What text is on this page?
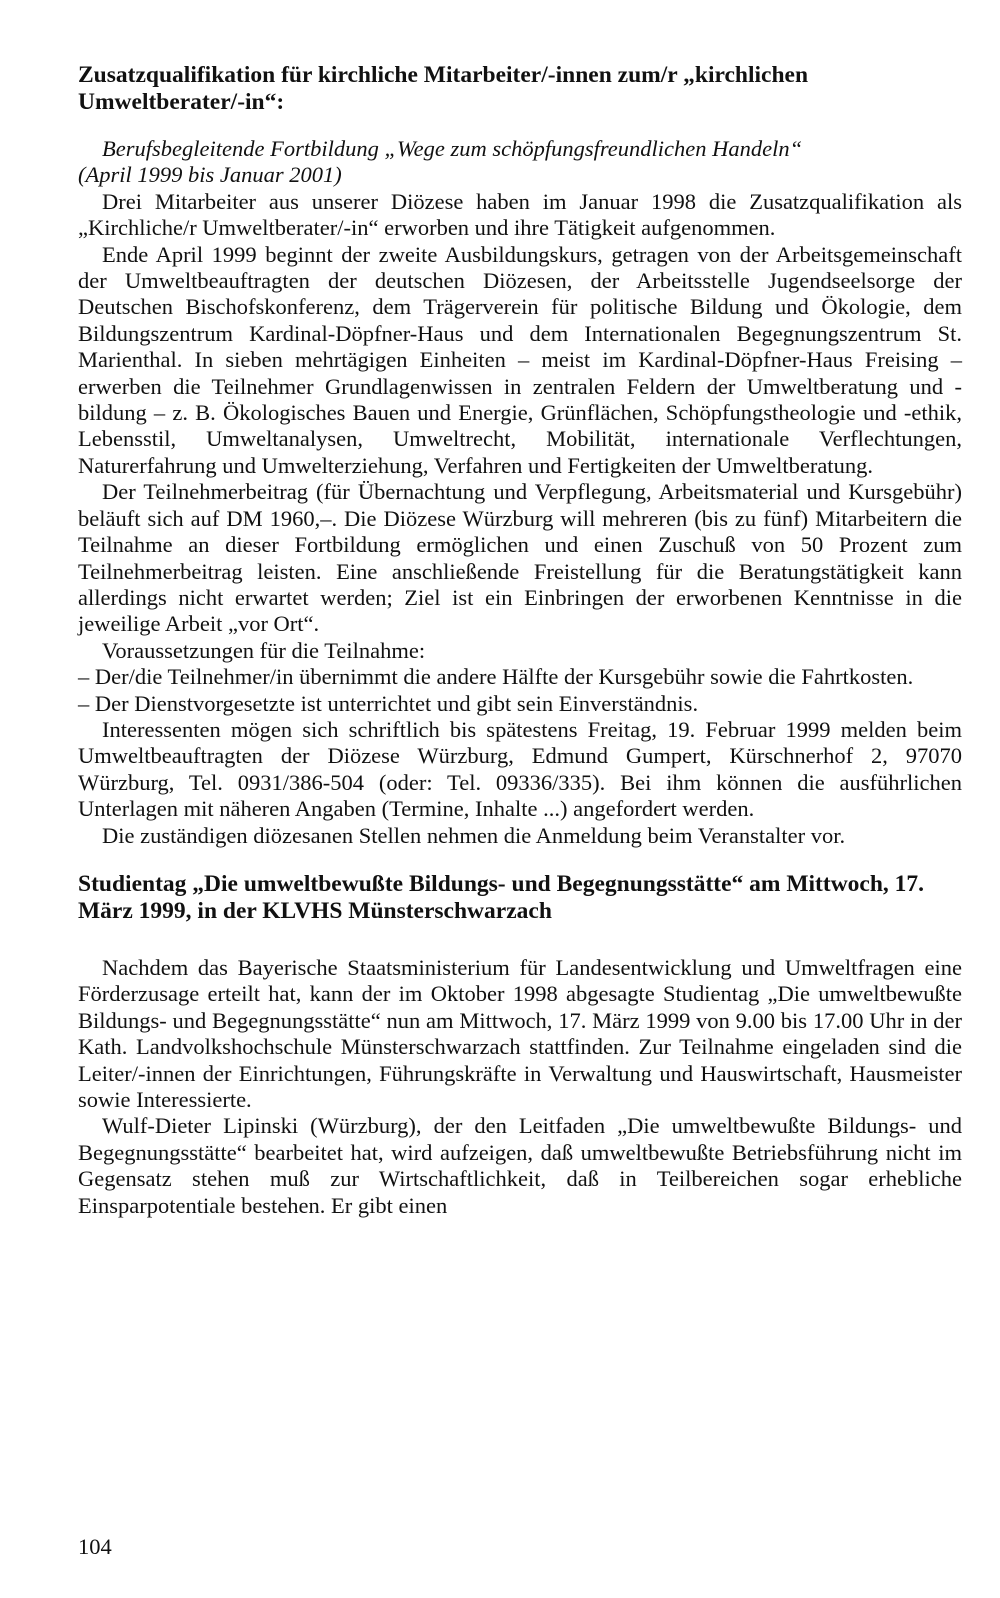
Zusatzqualifikation für kirchliche Mitarbeiter/-innen zum/r „kirchlichen Umweltberater/-in“:

Berufsbegleitende Fortbildung „Wege zum schöpfungsfreundlichen Handeln“
(April 1999 bis Januar 2001)

Drei Mitarbeiter aus unserer Diözese haben im Januar 1998 die Zusatzqualifikation als „Kirchliche/r Umweltberater/-in“ erworben und ihre Tätigkeit aufgenommen.

Ende April 1999 beginnt der zweite Ausbildungskurs, getragen von der Arbeitsgemeinschaft der Umweltbeauftragten der deutschen Diözesen, der Arbeitsstelle Jugendseelsorge der Deutschen Bischofskonferenz, dem Trägerverein für politische Bildung und Ökologie, dem Bildungszentrum Kardinal-Döpfner-Haus und dem Internationalen Begegnungszentrum St. Marienthal. In sieben mehrtägigen Einheiten – meist im Kardinal-Döpfner-Haus Freising – erwerben die Teilnehmer Grundlagenwissen in zentralen Feldern der Umweltberatung und -bildung – z. B. Ökologisches Bauen und Energie, Grünflächen, Schöpfungstheologie und -ethik, Lebensstil, Umweltanalysen, Umweltrecht, Mobilität, internationale Verflechtungen, Naturerfahrung und Umwelterziehung, Verfahren und Fertigkeiten der Umweltberatung.

Der Teilnehmerbeitrag (für Übernachtung und Verpflegung, Arbeitsmaterial und Kursgebühr) beläuft sich auf DM 1960,–. Die Diözese Würzburg will mehreren (bis zu fünf) Mitarbeitern die Teilnahme an dieser Fortbildung ermöglichen und einen Zuschuß von 50 Prozent zum Teilnehmerbeitrag leisten. Eine anschließende Freistellung für die Beratungstätigkeit kann allerdings nicht erwartet werden; Ziel ist ein Einbringen der erworbenen Kenntnisse in die jeweilige Arbeit „vor Ort“.

Voraussetzungen für die Teilnahme:

– Der/die Teilnehmer/in übernimmt die andere Hälfte der Kursgebühr sowie die Fahrtkosten.

– Der Dienstvorgesetzte ist unterrichtet und gibt sein Einverständnis.

Interessenten mögen sich schriftlich bis spätestens Freitag, 19. Februar 1999 melden beim Umweltbeauftragten der Diözese Würzburg, Edmund Gumpert, Kürschnerhof 2, 97070 Würzburg, Tel. 0931/386-504 (oder: Tel. 09336/335). Bei ihm können die ausführlichen Unterlagen mit näheren Angaben (Termine, Inhalte ...) angefordert werden.

Die zuständigen diözesanen Stellen nehmen die Anmeldung beim Veranstalter vor.

Studientag „Die umweltbewußte Bildungs- und Begegnungsstätte“ am Mittwoch, 17. März 1999, in der KLVHS Münsterschwarzach

Nachdem das Bayerische Staatsministerium für Landesentwicklung und Umweltfragen eine Förderzusage erteilt hat, kann der im Oktober 1998 abgesagte Studientag „Die umweltbewußte Bildungs- und Begegnungsstätte“ nun am Mittwoch, 17. März 1999 von 9.00 bis 17.00 Uhr in der Kath. Landvolkshochschule Münsterschwarzach stattfinden. Zur Teilnahme eingeladen sind die Leiter/-innen der Einrichtungen, Führungskräfte in Verwaltung und Hauswirtschaft, Hausmeister sowie Interessierte.

Wulf-Dieter Lipinski (Würzburg), der den Leitfaden „Die umweltbewußte Bildungs- und Begegnungsstätte“ bearbeitet hat, wird aufzeigen, daß umweltbewußte Betriebsführung nicht im Gegensatz stehen muß zur Wirtschaftlichkeit, daß in Teilbereichen sogar erhebliche Einsparpotentiale bestehen. Er gibt einen

104
